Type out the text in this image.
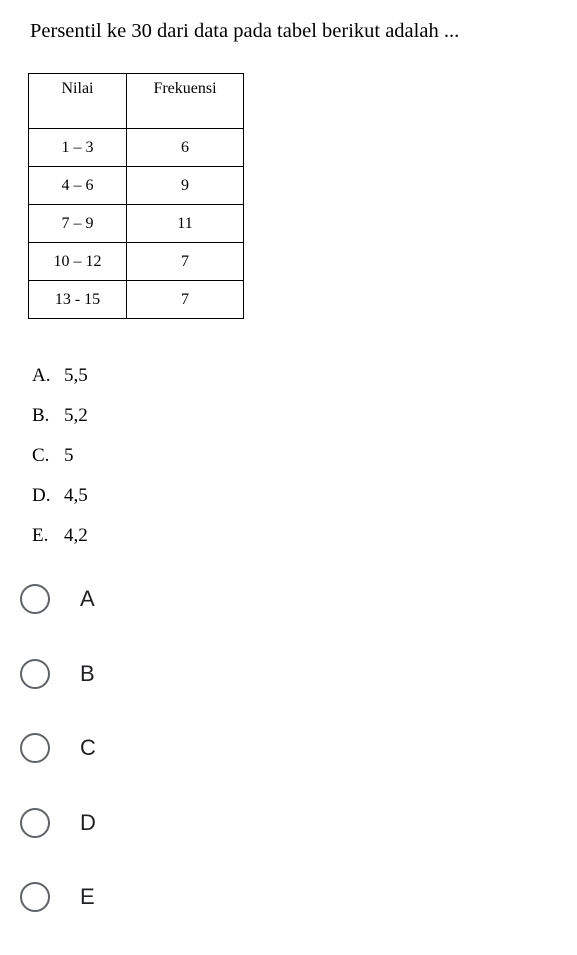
Persentil ke 30 dari data pada tabel berikut adalah ...
Nilai	Frekuensi
1 – 3	6
4 – 6	9
7 – 9	11
10 – 12	7
13 - 15	7
A. 5,5
B. 5,2
C. 5
D. 4,5
E. 4,2
A
B
C
D
E
